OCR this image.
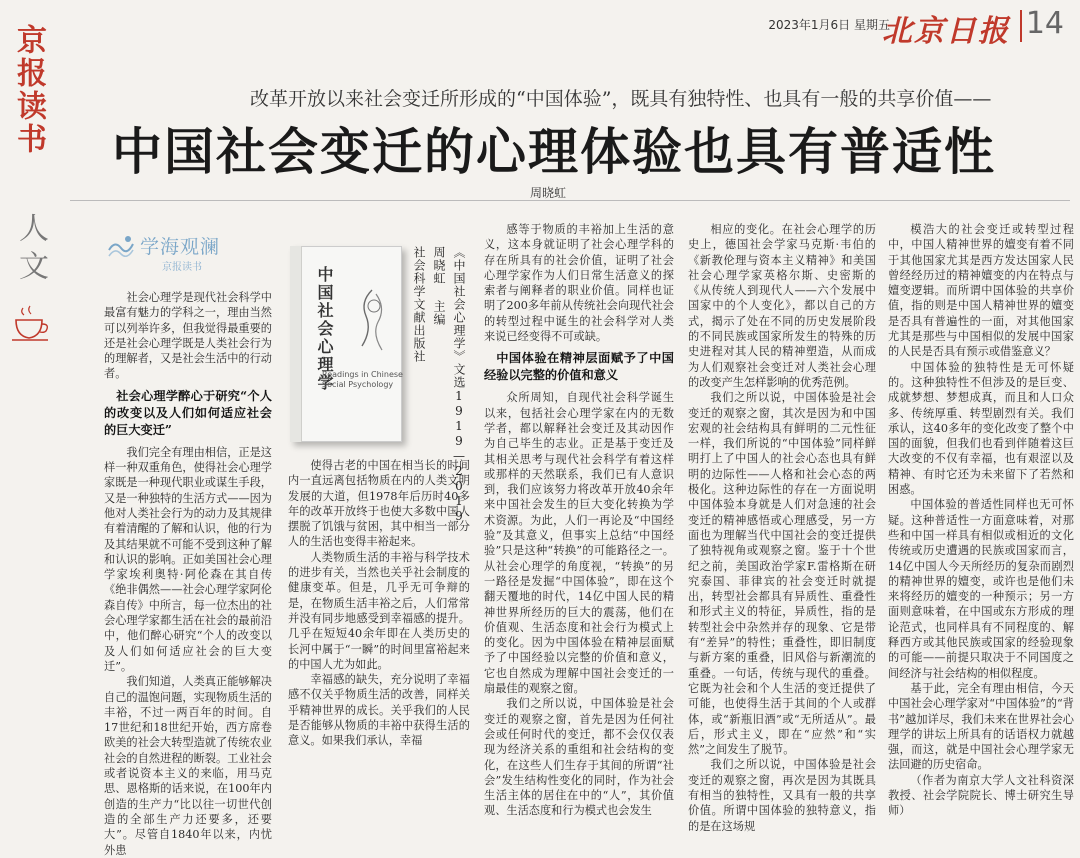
京报读书
人文
2023年1月6日 星期五
北京日报 14
改革开放以来社会变迁所形成的“中国体验”，既具有独特性、也具有一般的共享价值——
中国社会变迁的心理体验也具有普适性
周晓虹
学海观澜
京报读书	中国社会心理学
Readings in Chinese
Social Psychology	《中国社会心理学》文选1919—2019
周晓虹 主编
社会科学文献出版社

社会心理学是现代社会科学中最富有魅力的学科之一，理由当然可以列举许多，但我觉得最重要的还是社会心理学既是人类社会行为的理解者，又是社会生活中的行动者。

社会心理学醉心于研究“个人的改变以及人们如何适应社会的巨大变迁”

我们完全有理由相信，正是这样一种双重角色，使得社会心理学家既是一种现代职业或谋生手段，又是一种独特的生活方式——因为他对人类社会行为的动力及其规律有着清醒的了解和认识，他的行为及其结果就不可能不受到这种了解和认识的影响。正如美国社会心理学家埃利奥特·阿伦森在其自传《绝非偶然——社会心理学家阿伦森自传》中所言，每一位杰出的社会心理学家都生活在社会的最前沿中，他们醉心研究“个人的改变以及人们如何适应社会的巨大变迁”。

我们知道，人类真正能够解决自己的温饱问题，实现物质生活的丰裕，不过一两百年的时间。自17世纪和18世纪开始，西方席卷欧美的社会大转型造就了传统农业社会的自然进程的断裂。工业社会或者说资本主义的来临，用马克思、恩格斯的话来说，在100年内创造的生产力“比以往一切世代创造的全部生产力还要多，还要大”。尽管自1840年以来，内忧外患

使得古老的中国在相当长的时间内一直远离包括物质在内的人类文明发展的大道，但1978年后历时40多年的改革开放终于也使大多数中国人摆脱了饥饿与贫困，其中相当一部分人的生活也变得丰裕起来。

人类物质生活的丰裕与科学技术的进步有关，当然也关乎社会制度的健康变革。但是，几乎无可争辩的是，在物质生活丰裕之后，人们常常并没有同步地感受到幸福感的提升。几乎在短短40余年即在人类历史的长河中属于“一瞬”的时间里富裕起来的中国人尤为如此。

幸福感的缺失，充分说明了幸福感不仅关乎物质生活的改善，同样关乎精神世界的成长。关乎我们的人民是否能够从物质的丰裕中获得生活的意义。如果我们承认，幸福

感等于物质的丰裕加上生活的意义，这本身就证明了社会心理学科的存在所具有的社会价值，证明了社会心理学家作为人们日常生活意义的探索者与阐释者的职业价值。同样也证明了200多年前从传统社会向现代社会的转型过程中诞生的社会科学对人类来说已经变得不可或缺。

中国体验在精神层面赋予了中国经验以完整的价值和意义

众所周知，自现代社会科学诞生以来，包括社会心理学家在内的无数学者，都以解释社会变迁及其动因作为自己毕生的志业。正是基于变迁及其相关思考与现代社会科学有着这样或那样的天然联系，我们已有人意识到，我们应该努力将改革开放40余年来中国社会发生的巨大变化转换为学术资源。为此，人们一再论及“中国经验”及其意义，但事实上总结“中国经验”只是这种“转换”的可能路径之一。从社会心理学的角度视，“转换”的另一路径是发掘“中国体验”，即在这个翻天覆地的时代，14亿中国人民的精神世界所经历的巨大的震荡，他们在价值观、生活态度和社会行为模式上的变化。因为中国体验在精神层面赋予了中国经验以完整的价值和意义，它也自然成为理解中国社会变迁的一扇最佳的观察之窗。

我们之所以说，中国体验是社会变迁的观察之窗，首先是因为任何社会或任何时代的变迁，都不会仅仅表现为经济关系的重组和社会结构的变化，在这些人们生存于其间的所谓“社会”发生结构性变化的同时，作为社会生活主体的居住在中的“人”，其价值观、生活态度和行为模式也会发生

相应的变化。在社会心理学的历史上，德国社会学家马克斯·韦伯的《新教伦理与资本主义精神》和美国社会心理学家英格尔斯、史密斯的《从传统人到现代人——六个发展中国家中的个人变化》，都以自己的方式，揭示了处在不同的历史发展阶段的不同民族或国家所发生的特殊的历史进程对其人民的精神塑造，从而成为人们观察社会变迁对人类社会心理的改变产生怎样影响的优秀范例。

我们之所以说，中国体验是社会变迁的观察之窗，其次是因为和中国宏观的社会结构具有鲜明的二元性征一样，我们所说的“中国体验”同样鲜明打上了中国人的社会心态也具有鲜明的边际性——人格和社会心态的两极化。这种边际性的存在一方面说明中国体验本身就是人们对急速的社会变迁的精神感悟或心理感受，另一方面也为理解当代中国社会的变迁提供了独特视角或观察之窗。鉴于十个世纪之前，美国政治学家F.雷格斯在研究泰国、菲律宾的社会变迁时就提出，转型社会都具有异质性、重叠性和形式主义的特征，异质性，指的是转型社会中杂然并存的现象、它是带有“差异”的特性；重叠性，即旧制度与新方案的重叠，旧风俗与新潮流的重叠。一句话，传统与现代的重叠。它既为社会和个人生活的变迁提供了可能，也使得生活于其间的个人或群体，或“新瓶旧酒”或“无所适从”。最后，形式主义，即在“应然”和“实然”之间发生了脱节。

我们之所以说，中国体验是社会变迁的观察之窗，再次是因为其既具有相当的独特性，又具有一般的共享价值。所谓中国体验的独特意义，指的是在这场规

模浩大的社会变迁或转型过程中，中国人精神世界的嬗变有着不同于其他国家尤其是西方发达国家人民曾经经历过的精神嬗变的内在特点与嬗变逻辑。而所谓中国体验的共享价值，指的则是中国人精神世界的嬗变是否具有普遍性的一面，对其他国家尤其是那些与中国相似的发展中国家的人民是否具有预示或借鉴意义？

中国体验的独特性是无可怀疑的。这种独特性不但涉及的是巨变、成就梦想、梦想成真，而且和人口众多、传统厚重、转型剧烈有关。我们承认，这40多年的变化改变了整个中国的面貌，但我们也看到伴随着这巨大改变的不仅有幸福，也有艰涩以及精神、有时它还为未来留下了若然和困惑。

中国体验的普适性同样也无可怀疑。这种普适性一方面意味着，对那些和中国一样具有相似或相近的文化传统或历史遭遇的民族或国家而言，14亿中国人今天所经历的复杂而剧烈的精神世界的嬗变，或许也是他们未来将经历的嬗变的一种预示；另一方面则意味着，在中国或东方形成的理论范式，也同样具有不同程度的、解释西方或其他民族或国家的经验现象的可能——前提只取决于不同国度之间经济与社会结构的相似程度。

基于此，完全有理由相信，今天中国社会心理学家对“中国体验”的“背书”越加详尽，我们未来在世界社会心理学的讲坛上所具有的话语权力就越强，而这，就是中国社会心理学家无法回避的历史宿命。

（作者为南京大学人文社科资深教授、社会学院院长、博士研究生导师）
